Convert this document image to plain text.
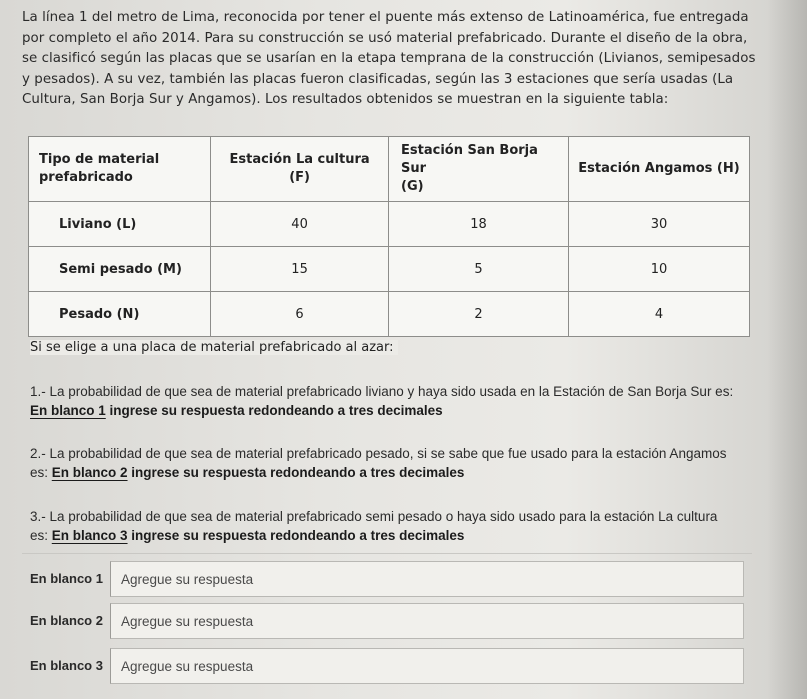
La línea 1 del metro de Lima, reconocida por tener el puente más extenso de Latinoamérica, fue entregada

por completo el año 2014. Para su construcción se usó material prefabricado. Durante el diseño de la obra,

se clasificó según las placas que se usarían en la etapa temprana de la construcción (Livianos, semipesados

y pesados). A su vez, también las placas fueron clasificadas, según las 3 estaciones que sería usadas (La

Cultura, San Borja Sur y Angamos). Los resultados obtenidos se muestran en la siguiente tabla:

Tipo de material
prefabricado	Estación La cultura (F)	Estación San Borja Sur
(G)	Estación Angamos (H)
Liviano (L)	40	18	30
Semi pesado (M)	15	5	10
Pesado (N)	6	2	4
Si se elige a una placa de material prefabricado al azar:

1.- La probabilidad de que sea de material prefabricado liviano y haya sido usada en la Estación de San Borja Sur es:

En blanco 1 ingrese su respuesta redondeando a tres decimales

2.- La probabilidad de que sea de material prefabricado pesado, si se sabe que fue usado para la estación Angamos

es: En blanco 2 ingrese su respuesta redondeando a tres decimales

3.- La probabilidad de que sea de material prefabricado semi pesado o haya sido usado para la estación La cultura

es: En blanco 3 ingrese su respuesta redondeando a tres decimales

En blanco 1
Agregue su respuesta
En blanco 2
Agregue su respuesta
En blanco 3
Agregue su respuesta
